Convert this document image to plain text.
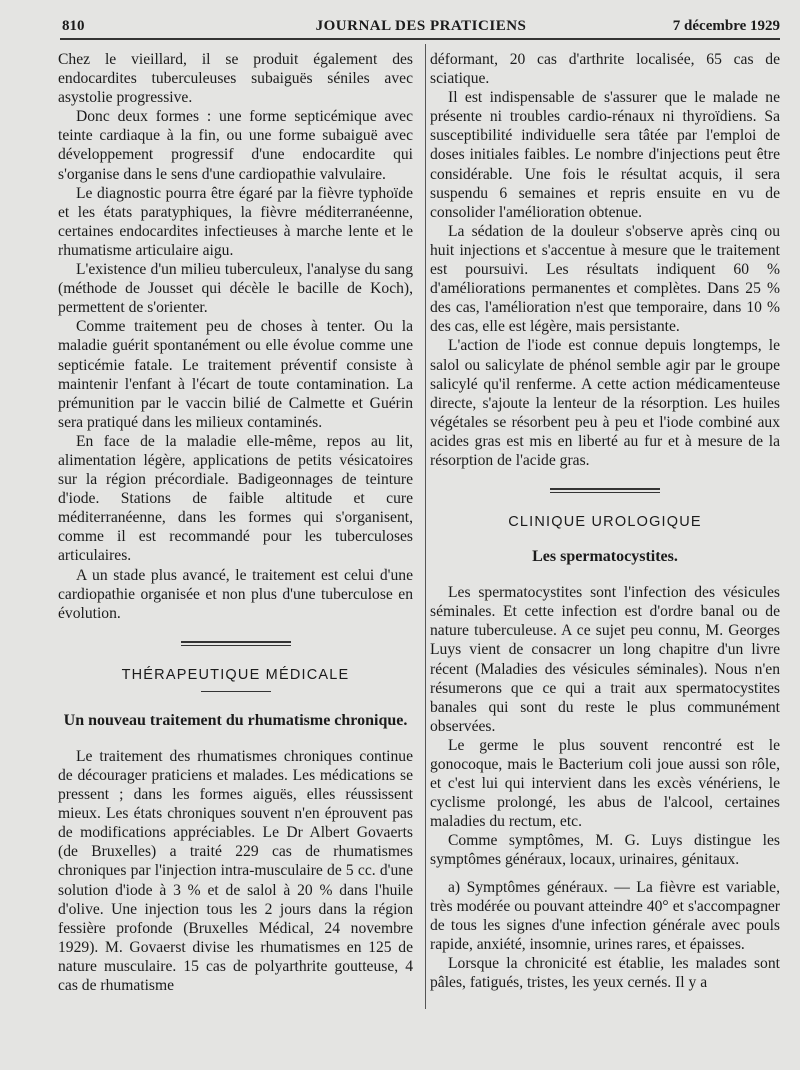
810	JOURNAL DES PRATICIENS	7 décembre 1929

Chez le vieillard, il se produit également des endocardites tuberculeuses subaiguës séniles avec asystolie progressive.

Donc deux formes : une forme septicémique avec teinte cardiaque à la fin, ou une forme subaiguë avec développement progressif d'une endocardite qui s'organise dans le sens d'une cardiopathie valvulaire.

Le diagnostic pourra être égaré par la fièvre typhoïde et les états paratyphiques, la fièvre méditerranéenne, certaines endocardites infectieuses à marche lente et le rhumatisme articulaire aigu.

L'existence d'un milieu tuberculeux, l'analyse du sang (méthode de Jousset qui décèle le bacille de Koch), permettent de s'orienter.

Comme traitement peu de choses à tenter. Ou la maladie guérit spontanément ou elle évolue comme une septicémie fatale. Le traitement préventif consiste à maintenir l'enfant à l'écart de toute contamination. La prémunition par le vaccin bilié de Calmette et Guérin sera pratiqué dans les milieux contaminés.

En face de la maladie elle-même, repos au lit, alimentation légère, applications de petits vésicatoires sur la région précordiale. Badigeonnages de teinture d'iode. Stations de faible altitude et cure méditerranéenne, dans les formes qui s'organisent, comme il est recommandé pour les tuberculoses articulaires.

A un stade plus avancé, le traitement est celui d'une cardiopathie organisée et non plus d'une tuberculose en évolution.

THÉRAPEUTIQUE MÉDICALE
Un nouveau traitement du rhumatisme chronique.

Le traitement des rhumatismes chroniques continue de décourager praticiens et malades. Les médications se pressent ; dans les formes aiguës, elles réussissent mieux. Les états chroniques souvent n'en éprouvent pas de modifications appréciables. Le Dr Albert Govaerts (de Bruxelles) a traité 229 cas de rhumatismes chroniques par l'injection intra-musculaire de 5 cc. d'une solution d'iode à 3 % et de salol à 20 % dans l'huile d'olive. Une injection tous les 2 jours dans la région fessière profonde (Bruxelles Médical, 24 novembre 1929). M. Govaerst divise les rhumatismes en 125 de nature musculaire. 15 cas de polyarthrite goutteuse, 4 cas de rhumatisme

déformant, 20 cas d'arthrite localisée, 65 cas de sciatique.

Il est indispensable de s'assurer que le malade ne présente ni troubles cardio-rénaux ni thyroïdiens. Sa susceptibilité individuelle sera tâtée par l'emploi de doses initiales faibles. Le nombre d'injections peut être considérable. Une fois le résultat acquis, il sera suspendu 6 semaines et repris ensuite en vu de consolider l'amélioration obtenue.

La sédation de la douleur s'observe après cinq ou huit injections et s'accentue à mesure que le traitement est poursuivi. Les résultats indiquent 60 % d'améliorations permanentes et complètes. Dans 25 % des cas, l'amélioration n'est que temporaire, dans 10 % des cas, elle est légère, mais persistante.

L'action de l'iode est connue depuis longtemps, le salol ou salicylate de phénol semble agir par le groupe salicylé qu'il renferme. A cette action médicamenteuse directe, s'ajoute la lenteur de la résorption. Les huiles végétales se résorbent peu à peu et l'iode combiné aux acides gras est mis en liberté au fur et à mesure de la résorption de l'acide gras.

CLINIQUE UROLOGIQUE
Les spermatocystites.

Les spermatocystites sont l'infection des vésicules séminales. Et cette infection est d'ordre banal ou de nature tuberculeuse. A ce sujet peu connu, M. Georges Luys vient de consacrer un long chapitre d'un livre récent (Maladies des vésicules séminales). Nous n'en résumerons que ce qui a trait aux spermatocystites banales qui sont du reste le plus communément observées.

Le germe le plus souvent rencontré est le gonocoque, mais le Bacterium coli joue aussi son rôle, et c'est lui qui intervient dans les excès vénériens, le cyclisme prolongé, les abus de l'alcool, certaines maladies du rectum, etc.

Comme symptômes, M. G. Luys distingue les symptômes généraux, locaux, urinaires, génitaux.

a) Symptômes généraux. — La fièvre est variable, très modérée ou pouvant atteindre 40° et s'accompagner de tous les signes d'une infection générale avec pouls rapide, anxiété, insomnie, urines rares, et épaisses.

Lorsque la chronicité est établie, les malades sont pâles, fatigués, tristes, les yeux cernés. Il y a
